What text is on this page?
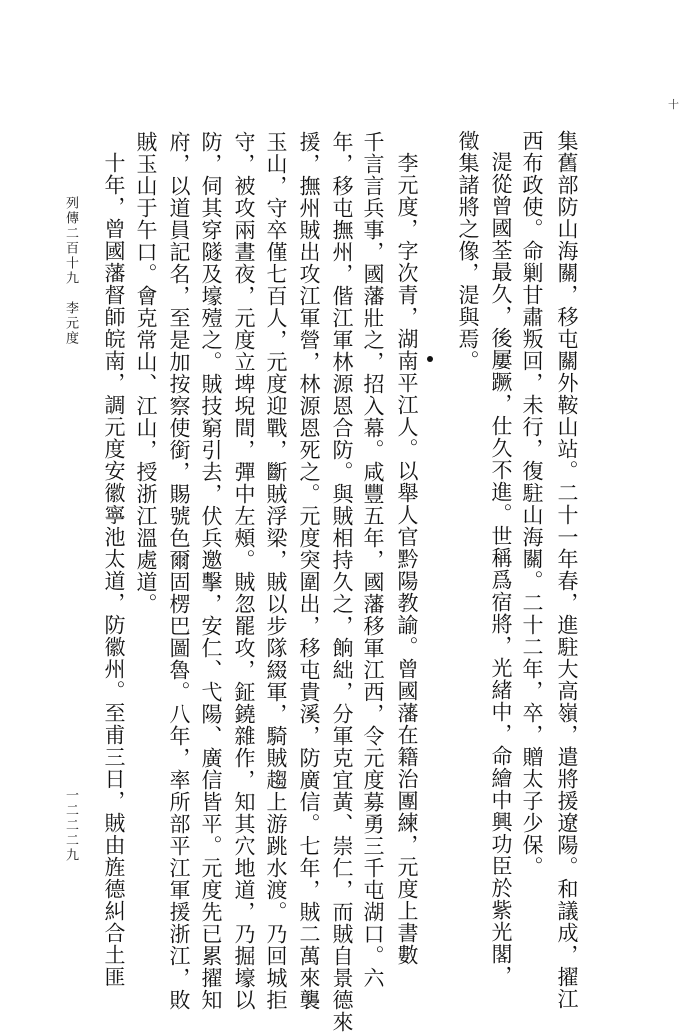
十
集舊部防山海關，移屯關外鞍山站。二十一年春，進駐大高嶺，遣將援遼陽。和議成，擢江
西布政使。命剿甘肅叛回，未行，復駐山海關。二十二年，卒，贈太子少保。
湜從曾國荃最久，後屢蹶，仕久不進。世稱爲宿將，光緒中，命繪中興功臣於紫光閣，
徵集諸將之像，湜與焉。
李元度，字次青，湖南平江人。以舉人官黔陽教諭。曾國藩在籍治團練，元度上書數
千言言兵事，國藩壯之，招入幕。咸豐五年，國藩移軍江西，令元度募勇三千屯湖口。六
年，移屯撫州，偕江軍林源恩合防。與賊相持久之，餉絀，分軍克宜黃、崇仁，而賊自景德來
援，撫州賊出攻江軍營，林源恩死之。元度突圍出，移屯貴溪，防廣信。七年，賊二萬來襲
玉山，守卒僅七百人，元度迎戰，斷賊浮梁，賊以步隊綴軍，騎賊趨上游跳水渡。乃回城拒
守，被攻兩晝夜，元度立埤堄間，彈中左頰。賊忽罷攻，鉦鐃雜作，知其穴地道，乃掘壕以
防，伺其穿隧及壕殪之。賊技窮引去，伏兵邀擊，安仁、弋陽、廣信皆平。元度先已累擢知
府，以道員記名，至是加按察使銜，賜號色爾固楞巴圖魯。八年，率所部平江軍援浙江，敗
賊玉山于午口。會克常山、江山，授浙江溫處道。
十年，曾國藩督師皖南，調元度安徽寧池太道，防徽州。至甫三日，賊由旌德糾合土匪
列傳二百十九　李元度
一二二二九
